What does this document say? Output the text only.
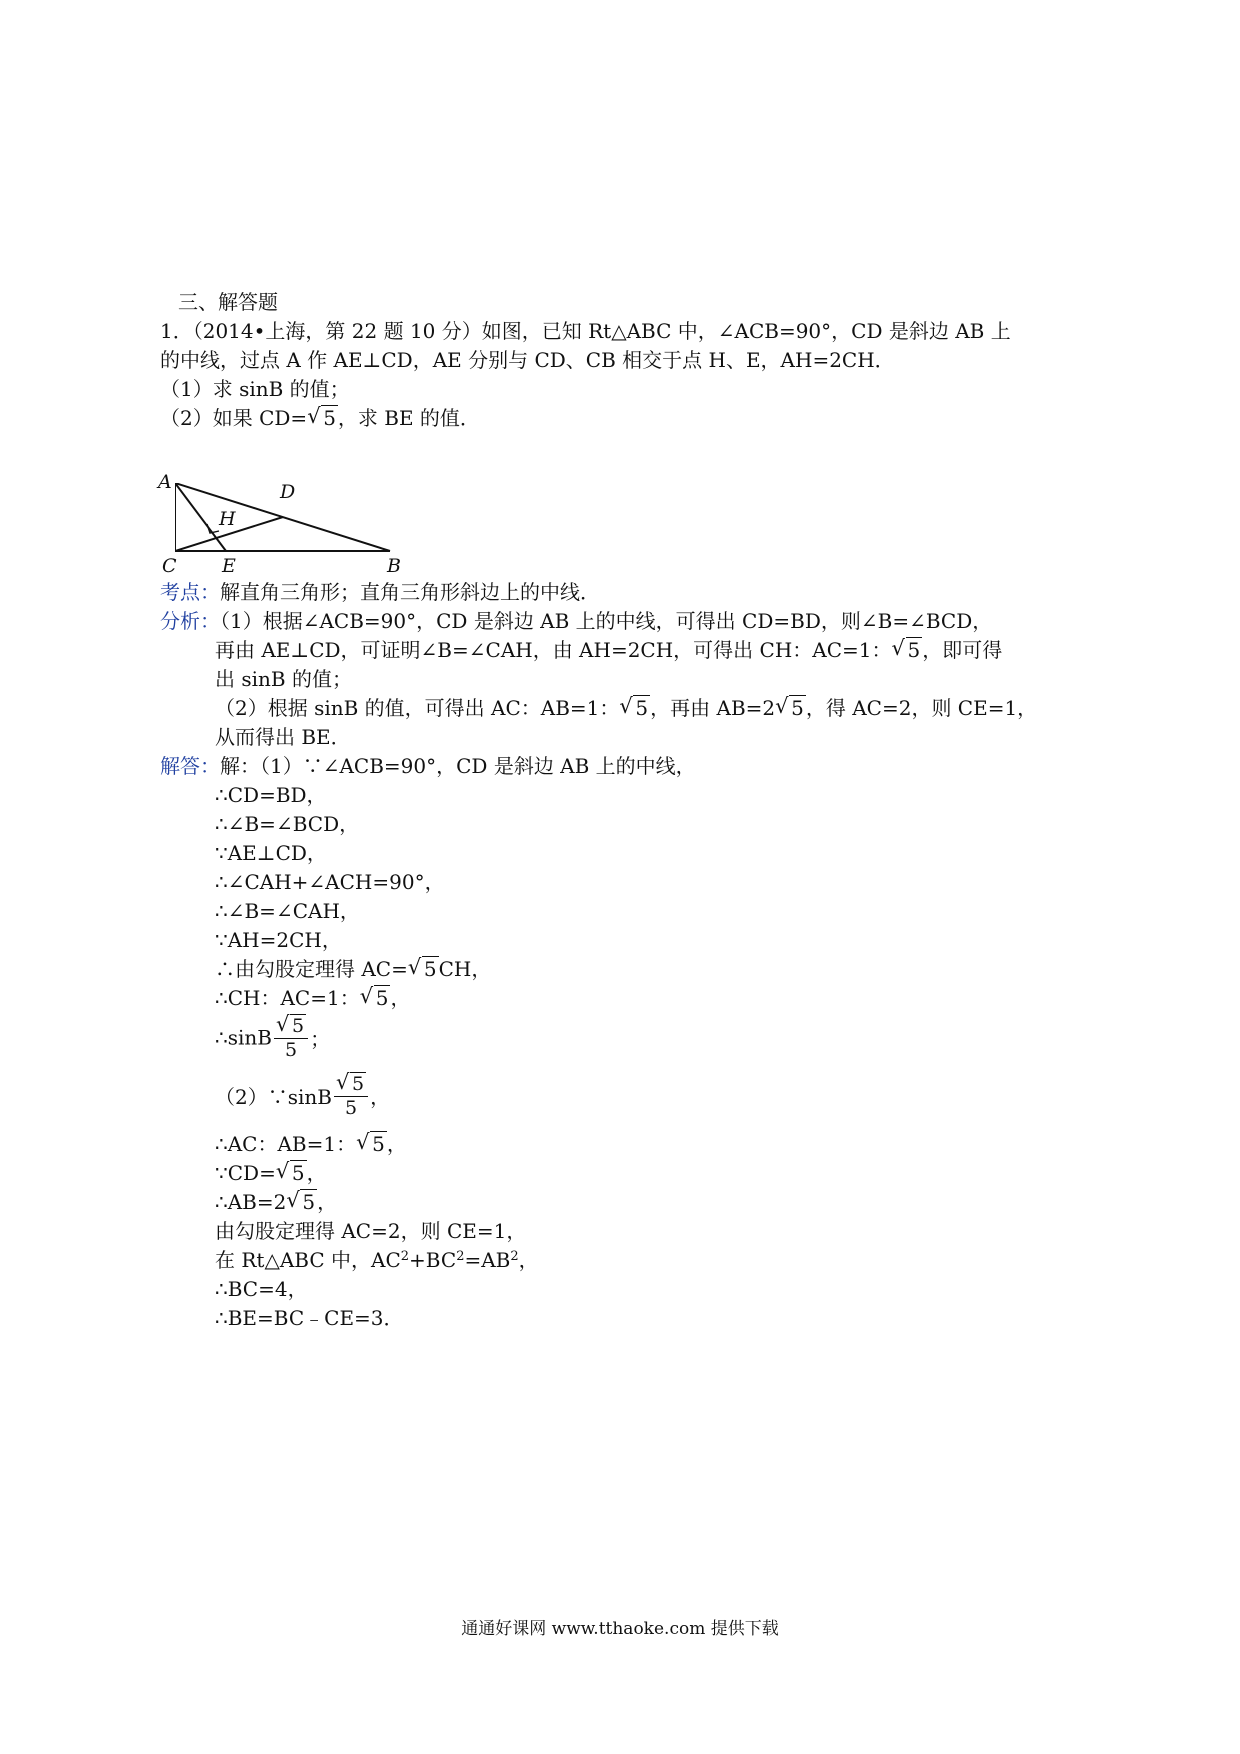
三、解答题
1．（2014•上海，第 22 题 10 分）如图，已知 Rt△ABC 中，∠ACB=90°，CD 是斜边 AB 上
的中线，过点 A 作 AE⊥CD，AE 分别与 CD、CB 相交于点 H、E，AH=2CH．
（1）求 sinB 的值；
（2）如果 CD= √ 5 ，求 BE 的值．
A	D
H
C E	B
考点：解直角三角形；直角三角形斜边上的中线．
分析：（1）根据∠ACB=90°，CD 是斜边 AB 上的中线，可得出 CD=BD，则∠B=∠BCD，
再由 AE⊥CD，可证明∠B=∠CAH，由 AH=2CH，可得出 CH：AC=1： √ 5 ，即可得
出 sinB 的值；
（2）根据 sinB 的值，可得出 AC：AB=1： √ 5 ，再由 AB=2 √ 5 ，得 AC=2，则 CE=1，
从而得出 BE．
解答：解：（1）∵∠ACB=90°，CD 是斜边 AB 上的中线，
∴CD=BD，
∴∠B=∠BCD，
∵AE⊥CD，
∴∠CAH+∠ACH=90°，
∴∠B=∠CAH，
∵AH=2CH，
∴由勾股定理得 AC= √ 5 CH，
∴CH：AC=1： √ 5 ，
∴sinB √ $\frac{5}{5}$ ；
（2）∵sinB √ $\frac{5}{5}$ ，
∴AC：AB=1： √ 5 ，
∵CD= √ 5 ，
∴AB=2 √ 5 ，
由勾股定理得 AC=2，则 CE=1，
在 Rt△ABC 中，$AC^2+BC^2=AB^2$，
∴BC=4，
∴BE=BC﹣CE=3．
通通好课网 www.tthaoke.com 提供下载
